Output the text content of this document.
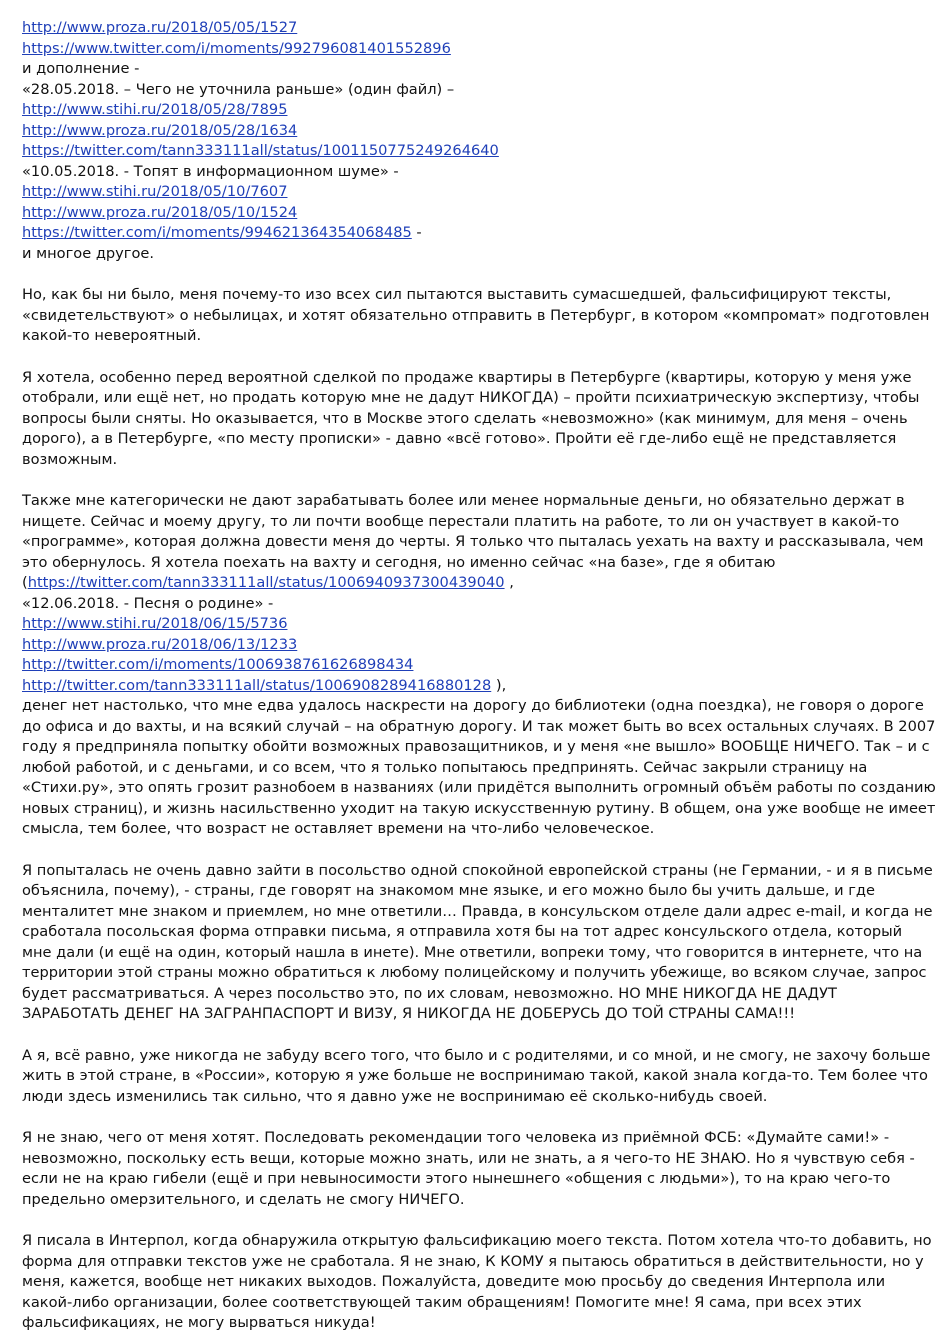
http://www.proza.ru/2018/05/05/1527
https://www.twitter.com/i/moments/992796081401552896
и дополнение -
«28.05.2018. – Чего не уточнила раньше» (один файл) –
http://www.stihi.ru/2018/05/28/7895
http://www.proza.ru/2018/05/28/1634
https://twitter.com/tann333111all/status/1001150775249264640
«10.05.2018. - Топят в информационном шуме» -
http://www.stihi.ru/2018/05/10/7607
http://www.proza.ru/2018/05/10/1524
https://twitter.com/i/moments/994621364354068485 -
и многое другое.

Но, как бы ни было, меня почему-то изо всех сил пытаются выставить сумасшедшей, фальсифицируют тексты, «свидетельствуют» о небылицах, и хотят обязательно отправить в Петербург, в котором «компромат» подготовлен какой-то невероятный.

Я хотела, особенно перед вероятной сделкой по продаже квартиры в Петербурге (квартиры, которую у меня уже отобрали, или ещё нет, но продать которую мне не дадут НИКОГДА) – пройти психиатрическую экспертизу, чтобы вопросы были сняты. Но оказывается, что в Москве этого сделать «невозможно» (как минимум, для меня – очень дорого), а в Петербурге, «по месту прописки» - давно «всё готово». Пройти её где-либо ещё не представляется возможным.

Также мне категорически не дают зарабатывать более или менее нормальные деньги, но обязательно держат в нищете. Сейчас и моему другу, то ли почти вообще перестали платить на работе, то ли он участвует в какой-то «программе», которая должна довести меня до черты. Я только что пыталась уехать на вахту и рассказывала, чем это обернулось. Я хотела поехать на вахту и сегодня, но именно сейчас «на базе», где я обитаю

(https://twitter.com/tann333111all/status/1006940937300439040 ,
«12.06.2018. - Песня о родине» -
http://www.stihi.ru/2018/06/15/5736
http://www.proza.ru/2018/06/13/1233
http://twitter.com/i/moments/1006938761626898434
http://twitter.com/tann333111all/status/1006908289416880128 ),

денег нет настолько, что мне едва удалось наскрести на дорогу до библиотеки (одна поездка), не говоря о дороге до офиса и до вахты, и на всякий случай – на обратную дорогу. И так может быть во всех остальных случаях. В 2007 году я предприняла попытку обойти возможных правозащитников, и у меня «не вышло» ВООБЩЕ НИЧЕГО. Так – и с любой работой, и с деньгами, и со всем, что я только попытаюсь предпринять. Сейчас закрыли страницу на «Стихи.ру», это опять грозит разнобоем в названиях (или придётся выполнить огромный объём работы по созданию новых страниц), и жизнь насильственно уходит на такую искусственную рутину. В общем, она уже вообще не имеет смысла, тем более, что возраст не оставляет времени на что-либо человеческое.

Я попыталась не очень давно зайти в посольство одной спокойной европейской страны (не Германии, - и я в письме объяснила, почему), - страны, где говорят на знакомом мне языке, и его можно было бы учить дальше, и где менталитет мне знаком и приемлем, но мне ответили… Правда, в консульском отделе дали адрес e-mail, и когда не сработала посольская форма отправки письма, я отправила хотя бы на тот адрес консульского отдела, который мне дали (и ещё на один, который нашла в инете). Мне ответили, вопреки тому, что говорится в интернете, что на территории этой страны можно обратиться к любому полицейскому и получить убежище, во всяком случае, запрос будет рассматриваться. А через посольство это, по их словам, невозможно. НО МНЕ НИКОГДА НЕ ДАДУТ ЗАРАБОТАТЬ ДЕНЕГ НА ЗАГРАНПАСПОРТ И ВИЗУ, Я НИКОГДА НЕ ДОБЕРУСЬ ДО ТОЙ СТРАНЫ САМА!!!

А я, всё равно, уже никогда не забуду всего того, что было и с родителями, и со мной, и не смогу, не захочу больше жить в этой стране, в «России», которую я уже больше не воспринимаю такой, какой знала когда-то. Тем более что люди здесь изменились так сильно, что я давно уже не воспринимаю её сколько-нибудь своей.

Я не знаю, чего от меня хотят. Последовать рекомендации того человека из приёмной ФСБ: «Думайте сами!» - невозможно, поскольку есть вещи, которые можно знать, или не знать, а я чего-то НЕ ЗНАЮ. Но я чувствую себя - если не на краю гибели (ещё и при невыносимости этого нынешнего «общения с людьми»), то на краю чего-то предельно омерзительного, и сделать не смогу НИЧЕГО.

Я писала в Интерпол, когда обнаружила открытую фальсификацию моего текста. Потом хотела что-то добавить, но форма для отправки текстов уже не сработала. Я не знаю, К КОМУ я пытаюсь обратиться в действительности, но у меня, кажется, вообще нет никаких выходов. Пожалуйста, доведите мою просьбу до сведения Интерпола или какой-либо организации, более соответствующей таким обращениям! Помогите мне! Я сама, при всех этих фальсификациях, не могу вырваться никуда!
